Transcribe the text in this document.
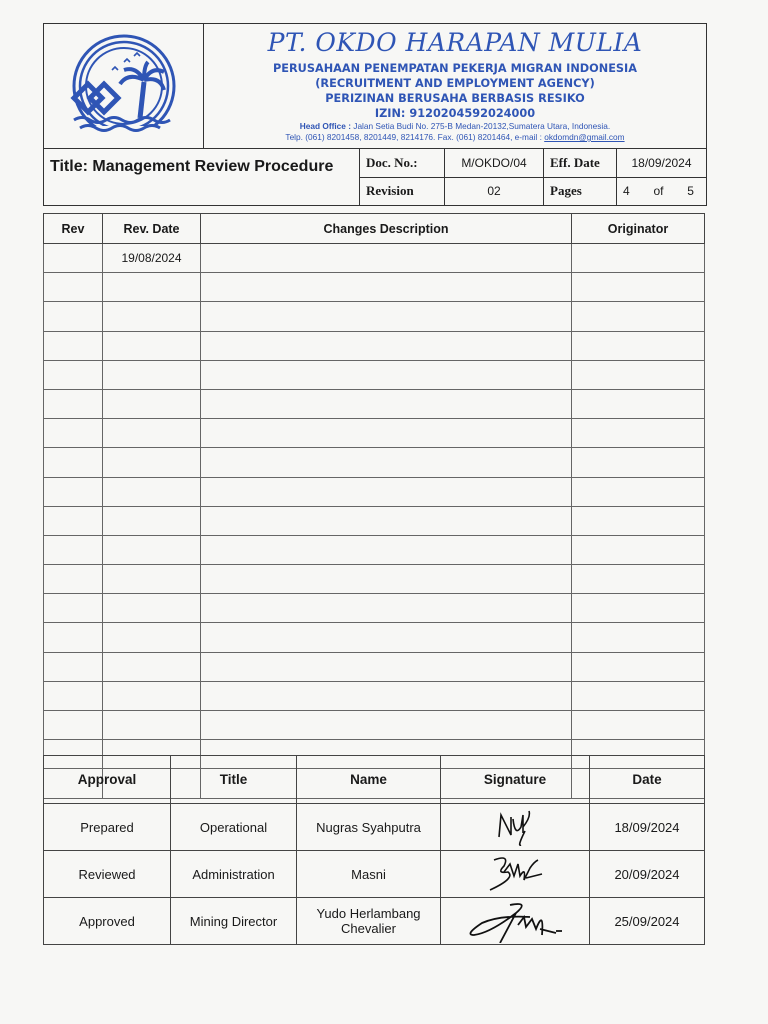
PT. OKDO HARAPAN MULIA
PERUSAHAAN PENEMPATAN PEKERJA MIGRAN INDONESIA
(RECRUITMENT AND EMPLOYMENT AGENCY)
PERIZINAN BERUSAHA BERBASIS RESIKO
IZIN: 9120204592024000
Head Office : Jalan Setia Budi No. 275-B Medan-20132,Sumatera Utara, Indonesia.
Telp. (061) 8201458, 8201449, 8214176. Fax. (061) 8201464, e-mail : okdomdn@gmail.com
Title: Management Review Procedure	Doc. No.:	M/OKDO/04	Eff. Date	18/09/2024
Revision	02	Pages	4 of 5
Rev	Rev. Date	Changes Description	Originator
	19/08/2024		

Approval	Title	Name	Signature	Date
Prepared	Operational	Nugras Syahputra		18/09/2024
Reviewed	Administration	Masni		20/09/2024
Approved	Mining Director	Yudo Herlambang Chevalier		25/09/2024
